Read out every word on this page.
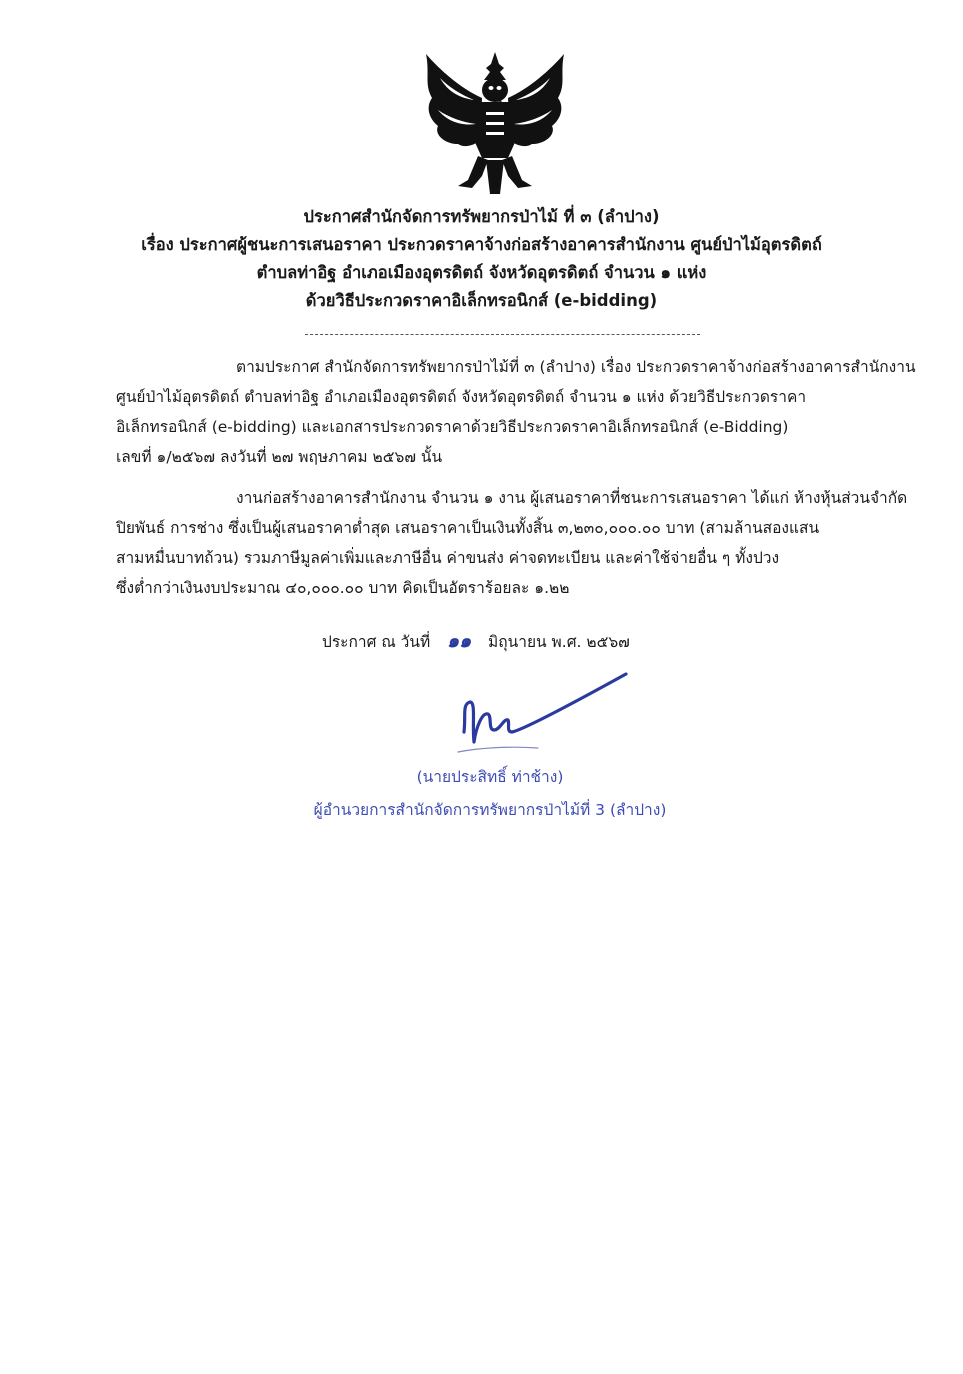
ประกาศสำนักจัดการทรัพยากรป่าไม้ ที่ ๓ (ลำปาง)
เรื่อง ประกาศผู้ชนะการเสนอราคา ประกวดราคาจ้างก่อสร้างอาคารสำนักงาน ศูนย์ป่าไม้อุตรดิตถ์
ตำบลท่าอิฐ อำเภอเมืองอุตรดิตถ์ จังหวัดอุตรดิตถ์ จำนวน ๑ แห่ง
ด้วยวิธีประกวดราคาอิเล็กทรอนิกส์ (e-bidding)
ตามประกาศ สำนักจัดการทรัพยากรป่าไม้ที่ ๓ (ลำปาง) เรื่อง ประกวดราคาจ้างก่อสร้างอาคารสำนักงาน
ศูนย์ป่าไม้อุตรดิตถ์ ตำบลท่าอิฐ อำเภอเมืองอุตรดิตถ์ จังหวัดอุตรดิตถ์ จำนวน ๑ แห่ง ด้วยวิธีประกวดราคา
อิเล็กทรอนิกส์ (e-bidding) และเอกสารประกวดราคาด้วยวิธีประกวดราคาอิเล็กทรอนิกส์ (e-Bidding)
เลขที่ ๑/๒๕๖๗ ลงวันที่ ๒๗ พฤษภาคม ๒๕๖๗ นั้น
งานก่อสร้างอาคารสำนักงาน จำนวน ๑ งาน ผู้เสนอราคาที่ชนะการเสนอราคา ได้แก่ ห้างหุ้นส่วนจำกัด
ปิยพันธ์ การช่าง ซึ่งเป็นผู้เสนอราคาต่ำสุด เสนอราคาเป็นเงินทั้งสิ้น ๓,๒๓๐,๐๐๐.๐๐ บาท (สามล้านสองแสน
สามหมื่นบาทถ้วน) รวมภาษีมูลค่าเพิ่มและภาษีอื่น ค่าขนส่ง ค่าจดทะเบียน และค่าใช้จ่ายอื่น ๆ ทั้งปวง
ซึ่งต่ำกว่าเงินงบประมาณ ๔๐,๐๐๐.๐๐ บาท คิดเป็นอัตราร้อยละ ๑.๒๒
ประกาศ ณ วันที่ ๑๑ มิถุนายน พ.ศ. ๒๕๖๗
(นายประสิทธิ์ ท่าช้าง)
ผู้อำนวยการสำนักจัดการทรัพยากรป่าไม้ที่ 3 (ลำปาง)
